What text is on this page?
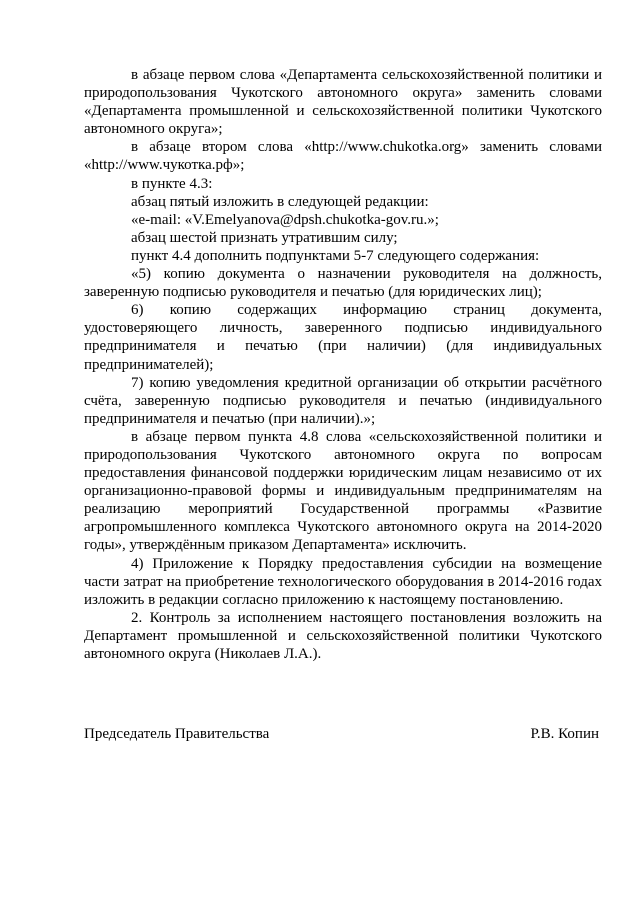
в абзаце первом слова «Департамента сельскохозяйственной политики и природопользования Чукотского автономного округа» заменить словами «Департамента промышленной и сельскохозяйственной политики Чукотского автономного округа»;

в абзаце втором слова «http://www.chukotka.org» заменить словами «http://www.чукотка.рф»;

в пункте 4.3:

абзац пятый изложить в следующей редакции:

«e-mail: «V.Emelyanova@dpsh.chukotka-gov.ru.»;

абзац шестой признать утратившим силу;

пункт 4.4 дополнить подпунктами 5-7 следующего содержания:

«5) копию документа о назначении руководителя на должность, заверенную подписью руководителя и печатью (для юридических лиц);

6) копию содержащих информацию страниц документа, удостоверяющего личность, заверенного подписью индивидуального предпринимателя и печатью (при наличии) (для индивидуальных предпринимателей);

7) копию уведомления кредитной организации об открытии расчётного счёта, заверенную подписью руководителя и печатью (индивидуального предпринимателя и печатью (при наличии).»;

в абзаце первом пункта 4.8 слова «сельскохозяйственной политики и природопользования Чукотского автономного округа по вопросам предоставления финансовой поддержки юридическим лицам независимо от их организационно-правовой формы и индивидуальным предпринимателям на реализацию мероприятий Государственной программы «Развитие агропромышленного комплекса Чукотского автономного округа на 2014-2020 годы», утверждённым приказом Департамента» исключить.

4) Приложение к Порядку предоставления субсидии на возмещение части затрат на приобретение технологического оборудования в 2014-2016 годах изложить в редакции согласно приложению к настоящему постановлению.

2. Контроль за исполнением настоящего постановления возложить на Департамент промышленной и сельскохозяйственной политики Чукотского автономного округа (Николаев Л.А.).

Председатель Правительства	Р.В. Копин
